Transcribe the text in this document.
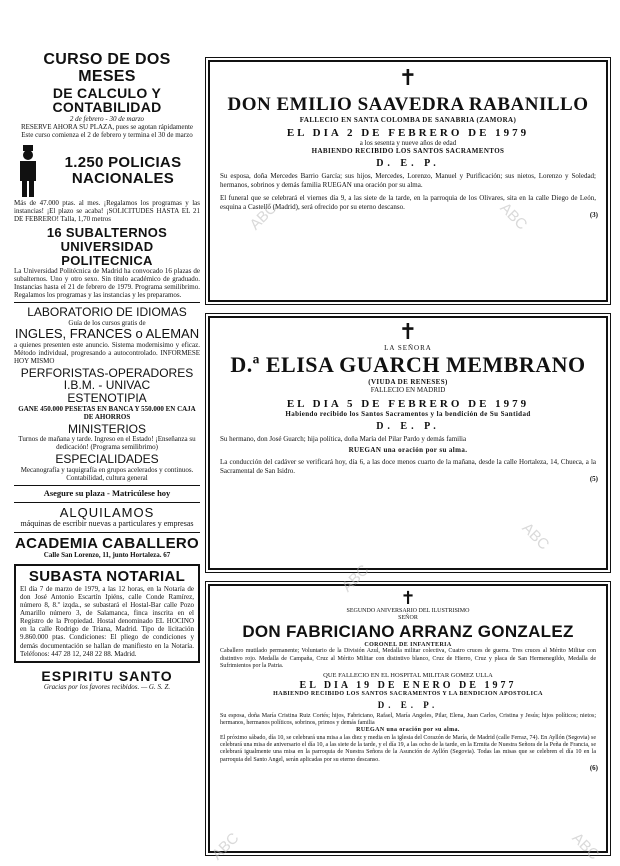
CURSO DE DOS MESES
DE CALCULO Y CONTABILIDAD
2 de febrero - 30 de marzo
RESERVE AHORA SU PLAZA, pues se agotan rápidamente
Este curso comienza el 2 de febrero y termina el 30 de marzo
1.250 POLICIAS NACIONALES
Más de 47.000 ptas. al mes. ¡Regalamos los programas y las instancias! ¡El plazo se acaba! ¡SOLICITUDES HASTA EL 21 DE FEBRERO! Talla, 1,70 metros
16 SUBALTERNOS UNIVERSIDAD POLITECNICA
La Universidad Politécnica de Madrid ha convocado 16 plazas de subalternos. Uno y otro sexo. Sin título académico de graduado. Instancias hasta el 21 de febrero de 1979. Programa semilibrimo. Regalamos los programas y las instancias y les preparamos.
LABORATORIO DE IDIOMAS
Guía de los cursos gratis de
INGLES, FRANCES o ALEMAN
a quienes presenten este anuncio. Sistema modernisimo y eficaz. Método individual, progresando a autocontrolado. INFORMESE HOY MISMO
PERFORISTAS-OPERADORES
I.B.M. - UNIVAC
ESTENOTIPIA
GANE 450.000 PESETAS EN BANCA Y 550.000 EN CAJA DE AHORROS
MINISTERIOS
Turnos de mañana y tarde. Ingreso en el Estado! ¡Enseñanza su dedicación! (Programa semilibrimo)
ESPECIALIDADES
Mecanografía y taquigrafía en grupos acelerados y continuos. Contabilidad, cultura general
Asegure su plaza - Matricúlese hoy
ALQUILAMOS
máquinas de escribir nuevas a particulares y empresas
ACADEMIA CABALLERO
Calle San Lorenzo, 11, junto Hortaleza. 67
SUBASTA NOTARIAL
El día 7 de marzo de 1979, a las 12 horas, en la Notaría de don José Antonio Escartín Ipiéns, calle Conde Ramírez, número 8, 8.º izqda., se subastará el Hostal-Bar calle Pozo Amarillo número 3, de Salamanca, finca inscrita en el Registro de la Propiedad. Hostal denominado EL HOCINO en la calle Rodrigo de Triana, Madrid. Tipo de licitación 9.860.000 ptas. Condiciones: El pliego de condiciones y demás documentación se hallan de manifiesto en la Notaría. Teléfonos: 447 28 12, 248 22 88. Madrid.
ESPIRITU SANTO
Gracias por los favores recibidos. — G. S. Z.
✝
DON EMILIO SAAVEDRA RABANILLO
FALLECIO EN SANTA COLOMBA DE SANABRIA (ZAMORA)
EL DIA 2 DE FEBRERO DE 1979
a los sesenta y nueve años de edad
HABIENDO RECIBIDO LOS SANTOS SACRAMENTOS
D. E. P.
Su esposa, doña Mercedes Barrio García; sus hijos, Mercedes, Lorenzo, Manuel y Purificación; sus nietos, Lorenzo y Soledad; hermanos, sobrinos y demás familia RUEGAN una oración por su alma.
El funeral que se celebrará el viernes día 9, a las siete de la tarde, en la parroquia de los Olivares, sita en la calle Diego de León, esquina a Castelló (Madrid), será ofrecido por su eterno descanso.
(3)
✝
LA SEÑORA
D.ª ELISA GUARCH MEMBRANO
(VIUDA DE RENESES)
FALLECIO EN MADRID
EL DIA 5 DE FEBRERO DE 1979
Habiendo recibido los Santos Sacramentos y la bendición de Su Santidad
D. E. P.
Su hermano, don José Guarch; hija política, doña María del Pilar Pardo y demás familia
RUEGAN una oración por su alma.
La conducción del cadáver se verificará hoy, día 6, a las doce menos cuarto de la mañana, desde la calle Hortaleza, 14, Chueca, a la Sacramental de San Isidro.
(5)
✝
SEGUNDO ANIVERSARIO DEL ILUSTRISIMO SEÑOR
DON FABRICIANO ARRANZ GONZALEZ
CORONEL DE INFANTERIA
Caballero mutilado permanente; Voluntario de la División Azul, Medalla militar colectiva, Cuatro cruces de guerra. Tres cruces al Mérito Militar con distintivo rojo. Medalla de Campaña, Cruz al Mérito Militar con distintivo blanco, Cruz de Hierro, Cruz y placa de San Hermenegildo, Medalla de Sufrimientos por la Patria.
QUE FALLECIO EN EL HOSPITAL MILITAR GOMEZ ULLA
EL DIA 19 DE ENERO DE 1977
HABIENDO RECIBIDO LOS SANTOS SACRAMENTOS Y LA BENDICION APOSTOLICA
D. E. P.
Su esposa, doña María Cristina Ruiz Cortés; hijos, Fabriciano, Rafael, María Angeles, Pilar, Elena, Juan Carlos, Cristina y Jesús; hijos políticos; nietos; hermanos, hermanos políticos, sobrinos, primos y demás familia
RUEGAN una oración por su alma.
El próximo sábado, día 10, se celebrará una misa a las diez y media en la iglesia del Corazón de María, de Madrid (calle Ferraz, 74). En Ayllón (Segovia) se celebrará una misa de aniversario el día 10, a las siete de la tarde, y el día 19, a las ocho de la tarde, en la Ermita de Nuestra Señora de la Peña de Francia, se celebrará igualmente una misa en la parroquia de Nuestra Señora de la Asunción de Ayllón (Segovia). Todas las misas que se celebren el día 10 en la parroquia del Santo Angel, serán aplicadas por su eterno descanso.
(6)
ABC	ABC
ABC
ABC
ABC	ABC
